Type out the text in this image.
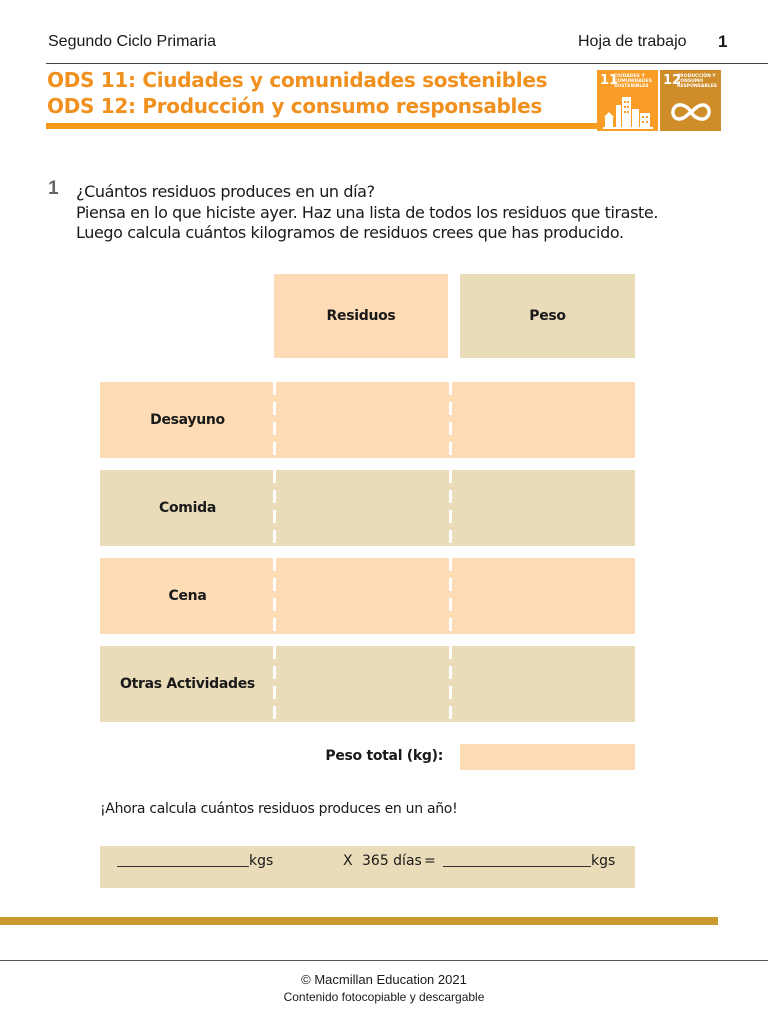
Segundo Ciclo Primaria	Hoja de trabajo 1
ODS 11: Ciudades y comunidades sostenibles
ODS 12: Producción y consumo responsables
11
CIUDADES Y COMUNIDADES SOSTENIBLES	12
PRODUCCIÓN Y CONSUMO RESPONSABLES
1 ¿Cuántos residuos produces en un día?
Piensa en lo que hiciste ayer. Haz una lista de todos los residuos que tiraste.
Luego calcula cuántos kilogramos de residuos crees que has producido.
Residuos	Peso
Desayuno
Comida
Cena
Otras Actividades
Peso total (kg):
¡Ahora calcula cuántos residuos produces en un año!
kgs	X 365 días =	kgs
© Macmillan Education 2021
Contenido fotocopiable y descargable
